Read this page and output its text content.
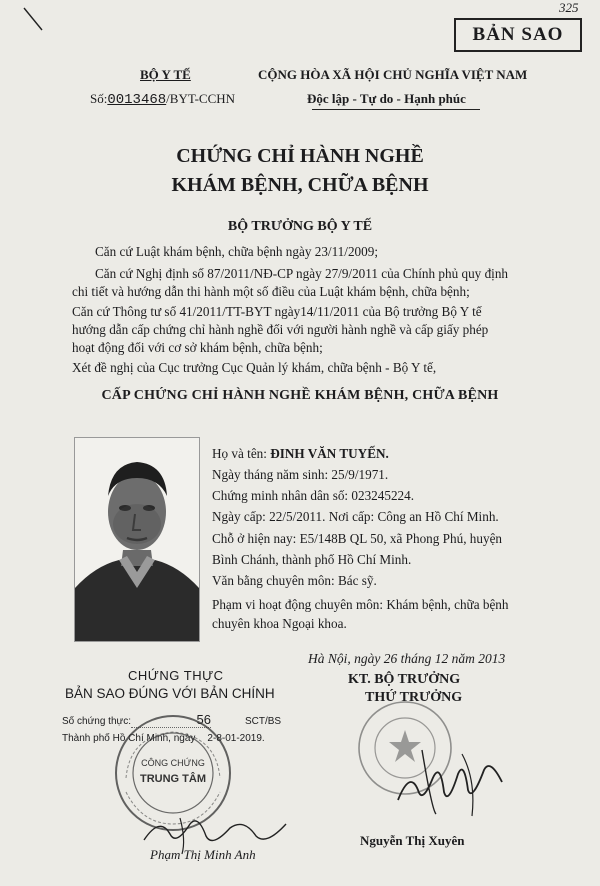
325
BẢN SAO
BỘ Y TẾ
Số:0013468/BYT-CCHN
CỘNG HÒA XÃ HỘI CHỦ NGHĨA VIỆT NAM
Độc lập - Tự do - Hạnh phúc
CHỨNG CHỈ HÀNH NGHỀ
KHÁM BỆNH, CHỮA BỆNH
BỘ TRƯỞNG BỘ Y TẾ
Căn cứ Luật khám bệnh, chữa bệnh ngày 23/11/2009;
Căn cứ Nghị định số 87/2011/NĐ-CP ngày 27/9/2011 của Chính phủ quy định
chi tiết và hướng dẫn thi hành một số điều của Luật khám bệnh, chữa bệnh;
Căn cứ Thông tư số 41/2011/TT-BYT ngày14/11/2011 của Bộ trưởng Bộ Y tế
hướng dẫn cấp chứng chỉ hành nghề đối với người hành nghề và cấp giấy phép
hoạt động đối với cơ sở khám bệnh, chữa bệnh;
Xét đề nghị của Cục trưởng Cục Quản lý khám, chữa bệnh - Bộ Y tế,
CẤP CHỨNG CHỈ HÀNH NGHỀ KHÁM BỆNH, CHỮA BỆNH
Họ và tên: ĐINH VĂN TUYẾN.
Ngày tháng năm sinh: 25/9/1971.
Chứng minh nhân dân số: 023245224.
Ngày cấp: 22/5/2011. Nơi cấp: Công an Hồ Chí Minh.
Chỗ ở hiện nay: E5/148B QL 50, xã Phong Phú, huyện
Bình Chánh, thành phố Hồ Chí Minh.
Văn bằng chuyên môn: Bác sỹ.
Phạm vi hoạt động chuyên môn: Khám bệnh, chữa bệnh
chuyên khoa Ngoại khoa.
Hà Nội, ngày 26 tháng 12 năm 2013
KT. BỘ TRƯỞNG
THỨ TRƯỞNG
CHỨNG THỰC
BẢN SAO ĐÚNG VỚI BẢN CHÍNH
Số chứng thực:	56	SCT/BS
Thành phố Hồ Chí Minh, ngày 2-8-01-2019.
CÔNG CHỨNG
TRUNG TÂM
Phạm Thị Minh Anh
Nguyễn Thị Xuyên
